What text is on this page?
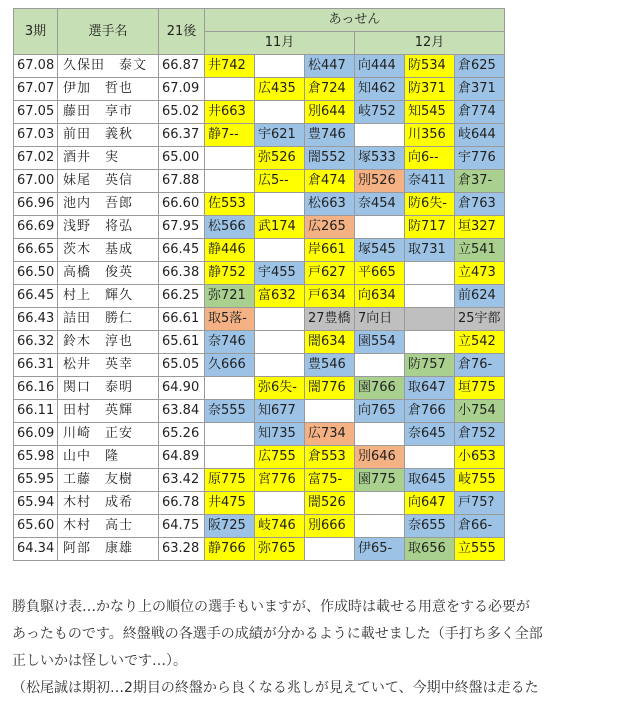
3期	選手名	21後	あっせん					
			11月			12月		
67.08	久保田　泰文	66.87	井742		松447	向444	防534	倉625
67.07	伊加　哲也	67.09		広435	倉724	知462	防371	倉371
67.05	藤田　享市	65.02	井663		別644	岐752	知545	倉774
67.03	前田　義秋	66.37	静7--	宇621	豊746		川356	岐644
67.02	酒井　実	65.00		弥526	闇552	塚533	向6--	宇776
67.00	妹尾　英信	67.88		広5--	倉474	別526	奈411	倉37-
66.96	池内　吾郎	66.60	佐553		松663	奈454	防6失-	倉763
66.69	浅野　将弘	67.95	松566	武174	広265		防717	垣327
66.65	茨木　基成	66.45	静446		岸661	塚545	取731	立541
66.50	高橋　俊英	66.38	静752	宇455	戸627	平665		立473
66.45	村上　輝久	66.25	弥721	富632	戸634	向634		前624
66.43	詰田　勝仁	66.61	取5落-		27豊橋	7向日		25宇都
66.32	鈴木　淳也	65.61	奈746		闇634	園554		立542
66.31	松井　英幸	65.05	久666		豊546		防757	倉76-
66.16	関口　泰明	64.90		弥6失-	闇776	園766	取647	垣775
66.11	田村　英輝	63.84	奈555	知677		向765	倉766	小754
66.09	川崎　正安	65.26		知735	広734		奈645	倉752
65.98	山中　隆	64.89		広755	倉553	別646		小653
65.95	工藤　友樹	63.42	原775	宮776	富75-	園775	取645	岐755
65.94	木村　成希	66.78	井475		闇526		向647	戸75?
65.60	木村　高士	64.75	阪725	岐746	別666		奈655	倉66-
64.34	阿部　康雄	63.28	静766	弥765		伊65-	取656	立555
勝負駆け表…かなり上の順位の選手もいますが、作成時は載せる用意をする必要が
あったものです。終盤戦の各選手の成績が分かるように載せました（手打ち多く全部
正しいかは怪しいです…）。
（松尾誠は期初…2期目の終盤から良くなる兆しが見えていて、今期中終盤は走るた
